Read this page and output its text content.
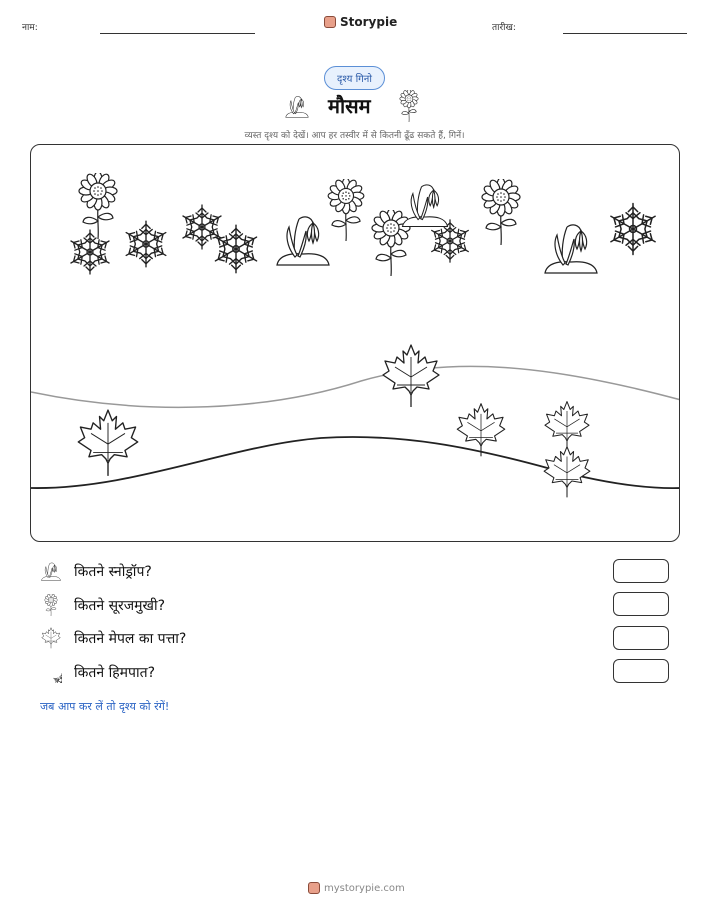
नाम:	Storypie	तारीख:
दृश्य गिनो
मौसम
व्यस्त दृश्य को देखें। आप हर तस्वीर में से कितनी ढूँढ सकते हैं, गिनें।
कितने स्नोड्रॉप?
कितने सूरजमुखी?
कितने मेपल का पत्ता?
कितने हिमपात?
जब आप कर लें तो दृश्य को रंगें!
mystorypie.com
